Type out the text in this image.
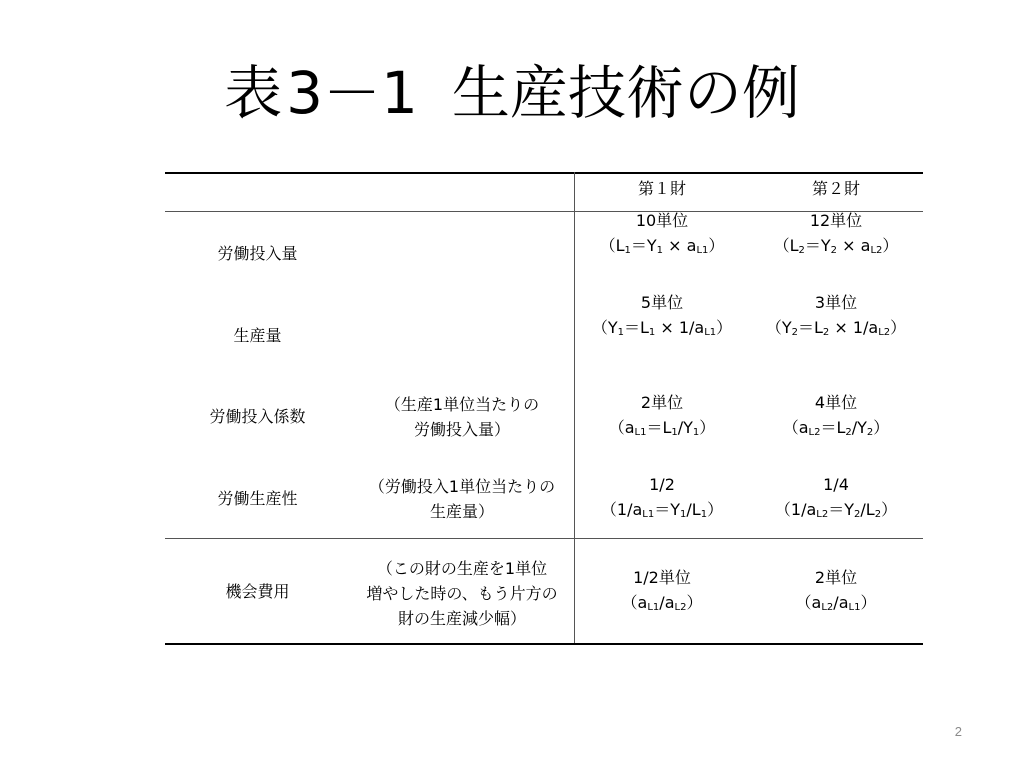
表3－1 生産技術の例
第１財	第２財
労働投入量
10単位
$(L_1=Y_1 \times a_{L1})$
12単位
$(L_2=Y_2 \times a_{L2})$
生産量
5単位
$(Y_1=L_1 \times 1/a_{L1})$
3単位
$(Y_2=L_2 \times 1/a_{L2})$
労働投入係数
（生産1単位当たりの
労働投入量）
2単位
$(a_{L1}=L_1/Y_1)$
4単位
$(a_{L2}=L_2/Y_2)$
労働生産性
（労働投入1単位当たりの
生産量）
1/2
$(1/a_{L1}=Y_1/L_1)$
1/4
$(1/a_{L2}=Y_2/L_2)$
機会費用
（この財の生産を1単位
増やした時の、もう片方の
財の生産減少幅）
1/2単位
$(a_{L1}/a_{L2})$
2単位
$(a_{L2}/a_{L1})$
2
